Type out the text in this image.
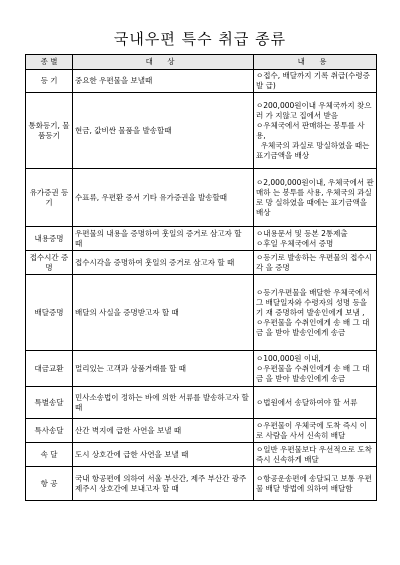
국내우편 특수 취급 종류
종 별	대 상	내 용
등 기	중요한 우편물을 보낼때	ㅇ접수, 배달까지 기록 취급(수령증 발 급)
통화등기, 물품등기	현금, 값비싼 물품을 발송할때	ㅇ200,000원이내 우체국까지 찾으러 가 지않고 집에서 받음
ㅇ우체국에서 판매하는 봉투를 사용,
우체국의 과실로 망실하였을 때는 표기금액을 배상
유가증권 등 기	수표류, 우편환 증서 기타 유가증권을 발송할때	ㅇ2,000,000원이내, 우체국에서 판매하 는 봉투를 사용, 우체국의 과실로 망 실하였을 때에는 표기금액을 배상
내용증명	우편물의 내용을 증명하여 훗일의 증거로 삼고자 할 때	ㅇ내용문서 및 등본 2통제출
ㅇ후일 우체국에서 증명
접수시간 증 명	접수시각을 증명하여 훗일의 증거로 삼고자 할 때	ㅇ등기로 발송하는 우편물의 접수시각 을 증명
배달증명	배달의 사실을 증명받고자 할 때	ㅇ등기우편물을 배달한 우체국에서 그 배달일자와 수령자의 성명 등을 기 재 증명하여 발송인에게 보냄 ,
ㅇ우편물을 수취인에게 송 배 그 대금 을 받아 발송인에게 송금
대금교환	멀리있는 고객과 상품거래를 할 때	ㅇ100,000원 이내,
ㅇ우편물을 수취인에게 송 배 그 대금 을 받아 발송인에게 송금
특별송달	민사소송법이 정하는 바에 의한 서류를 발송하고자 할 때	ㅇ법원에서 송달하여야 할 서류
특사송달	산간 벽지에 급한 사연을 보낼 때	ㅇ우편물이 우체국에 도착 즉시 이로 사람을 사서 신속히 배달
속 달	도시 상호간에 급한 사연을 보낼 때	ㅇ일반 우편물보다 우선적으로 도착 즉시 신속하게 배달
항 공	국내 항공편에 의하여 서울 부산간, 제주 부산간 광주제주시 상호간에 보내고자 할 때	ㅇ항공운송편에 송달되고 보통 우편물 배달 방법에 의하여 배달함
